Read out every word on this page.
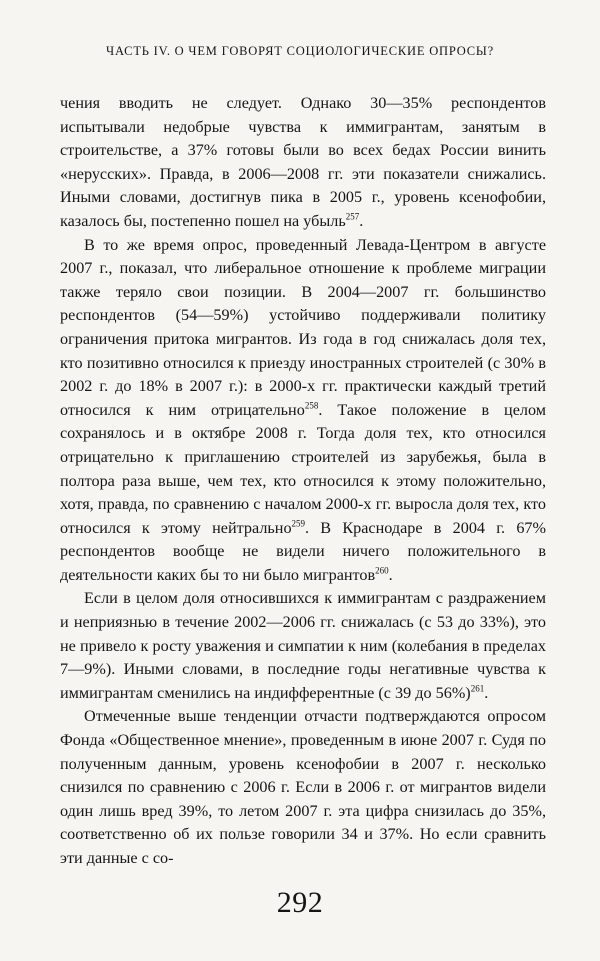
ЧАСТЬ IV. О ЧЕМ ГОВОРЯТ СОЦИОЛОГИЧЕСКИЕ ОПРОСЫ?

чения вводить не следует. Однако 30—35% респондентов испытывали недобрые чувства к иммигрантам, занятым в строительстве, а 37% готовы были во всех бедах России винить «нерусских». Правда, в 2006—2008 гг. эти показатели снижались. Иными словами, достигнув пика в 2005 г., уровень ксенофобии, казалось бы, постепенно пошел на убыль$^{257}$.

В то же время опрос, проведенный Левада-Центром в августе 2007 г., показал, что либеральное отношение к проблеме миграции также теряло свои позиции. В 2004—2007 гг. большинство респондентов (54—59%) устойчиво поддерживали политику ограничения притока мигрантов. Из года в год снижалась доля тех, кто позитивно относился к приезду иностранных строителей (с 30% в 2002 г. до 18% в 2007 г.): в 2000-х гг. практически каждый третий относился к ним отрицательно$^{258}$. Такое положение в целом сохранялось и в октябре 2008 г. Тогда доля тех, кто относился отрицательно к приглашению строителей из зарубежья, была в полтора раза выше, чем тех, кто относился к этому положительно, хотя, правда, по сравнению с началом 2000-х гг. выросла доля тех, кто относился к этому нейтрально$^{259}$. В Краснодаре в 2004 г. 67% респондентов вообще не видели ничего положительного в деятельности каких бы то ни было мигрантов$^{260}$.

Если в целом доля относившихся к иммигрантам с раздражением и неприязнью в течение 2002—2006 гг. снижалась (с 53 до 33%), это не привело к росту уважения и симпатии к ним (колебания в пределах 7—9%). Иными словами, в последние годы негативные чувства к иммигрантам сменились на индифферентные (с 39 до 56%)$^{261}$.

Отмеченные выше тенденции отчасти подтверждаются опросом Фонда «Общественное мнение», проведенным в июне 2007 г. Судя по полученным данным, уровень ксенофобии в 2007 г. несколько снизился по сравнению с 2006 г. Если в 2006 г. от мигрантов видели один лишь вред 39%, то летом 2007 г. эта цифра снизилась до 35%, соответственно об их пользе говорили 34 и 37%. Но если сравнить эти данные с со-

292
